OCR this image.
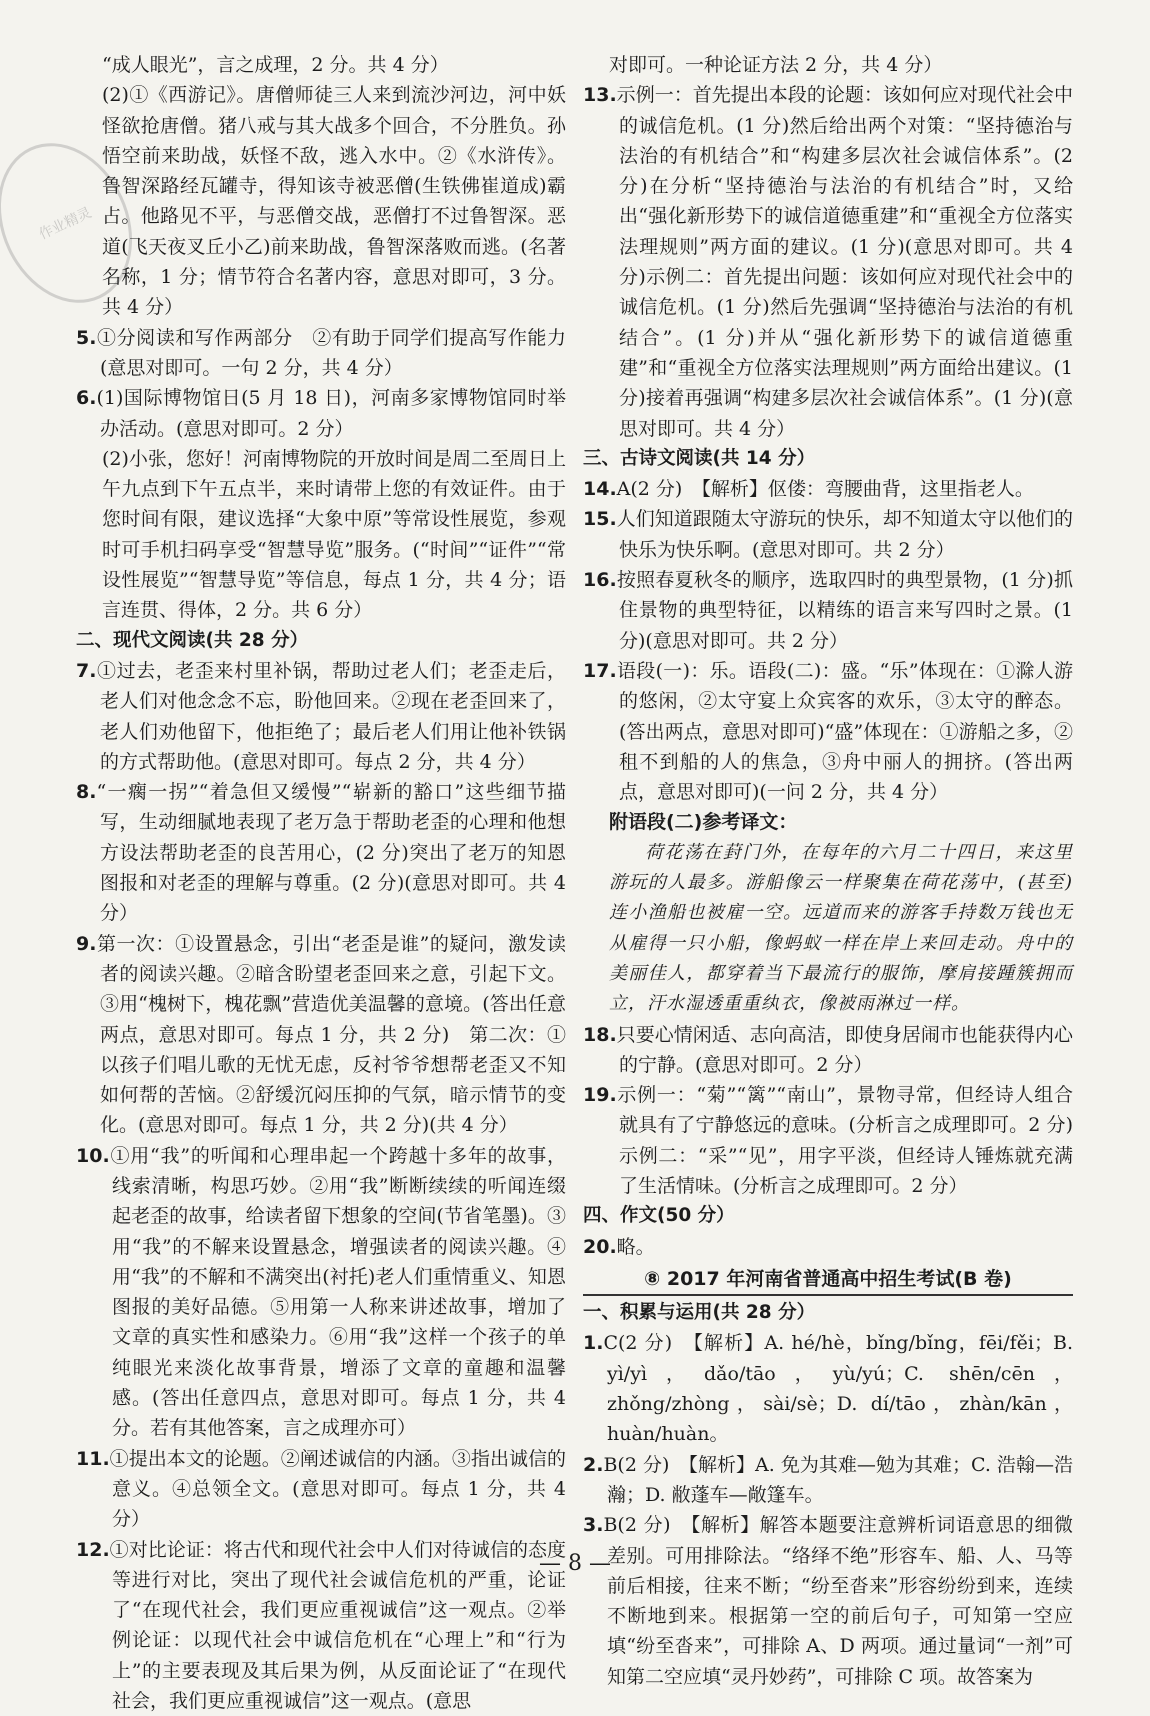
作业精灵

“成人眼光”，言之成理，2 分。共 4 分）

(2)①《西游记》。唐僧师徒三人来到流沙河边，河中妖怪欲抢唐僧。猪八戒与其大战多个回合，不分胜负。孙悟空前来助战，妖怪不敌，逃入水中。②《水浒传》。鲁智深路经瓦罐寺，得知该寺被恶僧(生铁佛崔道成)霸占。他路见不平，与恶僧交战，恶僧打不过鲁智深。恶道(飞天夜叉丘小乙)前来助战，鲁智深落败而逃。(名著名称，1 分；情节符合名著内容，意思对即可，3 分。共 4 分）

5.①分阅读和写作两部分　②有助于同学们提高写作能力(意思对即可。一句 2 分，共 4 分）

6.(1)国际博物馆日(5 月 18 日)，河南多家博物馆同时举办活动。(意思对即可。2 分）

(2)小张，您好！河南博物院的开放时间是周二至周日上午九点到下午五点半，来时请带上您的有效证件。由于您时间有限，建议选择“大象中原”等常设性展览，参观时可手机扫码享受“智慧导览”服务。(“时间”“证件”“常设性展览”“智慧导览”等信息，每点 1 分，共 4 分；语言连贯、得体，2 分。共 6 分）

二、现代文阅读(共 28 分）

7.①过去，老歪来村里补锅，帮助过老人们；老歪走后，老人们对他念念不忘，盼他回来。②现在老歪回来了，老人们劝他留下，他拒绝了；最后老人们用让他补铁锅的方式帮助他。(意思对即可。每点 2 分，共 4 分）

8.“一瘸一拐”“着急但又缓慢”“崭新的豁口”这些细节描写，生动细腻地表现了老万急于帮助老歪的心理和他想方设法帮助老歪的良苦用心，(2 分)突出了老万的知恩图报和对老歪的理解与尊重。(2 分)(意思对即可。共 4 分）

9.第一次：①设置悬念，引出“老歪是谁”的疑问，激发读者的阅读兴趣。②暗含盼望老歪回来之意，引起下文。③用“槐树下，槐花飘”营造优美温馨的意境。(答出任意两点，意思对即可。每点 1 分，共 2 分)　第二次：①以孩子们唱儿歌的无忧无虑，反衬爷爷想帮老歪又不知如何帮的苦恼。②舒缓沉闷压抑的气氛，暗示情节的变化。(意思对即可。每点 1 分，共 2 分)(共 4 分）

10.①用“我”的听闻和心理串起一个跨越十多年的故事，线索清晰，构思巧妙。②用“我”断断续续的听闻连缀起老歪的故事，给读者留下想象的空间(节省笔墨)。③用“我”的不解来设置悬念，增强读者的阅读兴趣。④用“我”的不解和不满突出(衬托)老人们重情重义、知恩图报的美好品德。⑤用第一人称来讲述故事，增加了文章的真实性和感染力。⑥用“我”这样一个孩子的单纯眼光来淡化故事背景，增添了文章的童趣和温馨感。(答出任意四点，意思对即可。每点 1 分，共 4 分。若有其他答案，言之成理亦可）

11.①提出本文的论题。②阐述诚信的内涵。③指出诚信的意义。④总领全文。(意思对即可。每点 1 分，共 4 分）

12.①对比论证：将古代和现代社会中人们对待诚信的态度等进行对比，突出了现代社会诚信危机的严重，论证了“在现代社会，我们更应重视诚信”这一观点。②举例论证：以现代社会中诚信危机在“心理上”和“行为上”的主要表现及其后果为例，从反面论证了“在现代社会，我们更应重视诚信”这一观点。(意思

对即可。一种论证方法 2 分，共 4 分）

13.示例一：首先提出本段的论题：该如何应对现代社会中的诚信危机。(1 分)然后给出两个对策：“坚持德治与法治的有机结合”和“构建多层次社会诚信体系”。(2 分)在分析“坚持德治与法治的有机结合”时，又给出“强化新形势下的诚信道德重建”和“重视全方位落实法理规则”两方面的建议。(1 分)(意思对即可。共 4 分)示例二：首先提出问题：该如何应对现代社会中的诚信危机。(1 分)然后先强调“坚持德治与法治的有机结合”。(1 分)并从“强化新形势下的诚信道德重建”和“重视全方位落实法理规则”两方面给出建议。(1 分)接着再强调“构建多层次社会诚信体系”。(1 分)(意思对即可。共 4 分）

三、古诗文阅读(共 14 分）

14.A(2 分)　【解析】伛偻：弯腰曲背，这里指老人。

15.人们知道跟随太守游玩的快乐，却不知道太守以他们的快乐为快乐啊。(意思对即可。共 2 分）

16.按照春夏秋冬的顺序，选取四时的典型景物，(1 分)抓住景物的典型特征，以精练的语言来写四时之景。(1 分)(意思对即可。共 2 分）

17.语段(一)：乐。语段(二)：盛。“乐”体现在：①滁人游的悠闲，②太守宴上众宾客的欢乐，③太守的醉态。(答出两点，意思对即可)“盛”体现在：①游船之多，②租不到船的人的焦急，③舟中丽人的拥挤。(答出两点，意思对即可)(一问 2 分，共 4 分）

附语段(二)参考译文：

荷花荡在葑门外，在每年的六月二十四日，来这里游玩的人最多。游船像云一样聚集在荷花荡中，(甚至)连小渔船也被雇一空。远道而来的游客手持数万钱也无从雇得一只小船，像蚂蚁一样在岸上来回走动。舟中的美丽佳人，都穿着当下最流行的服饰，摩肩接踵簇拥而立，汗水湿透重重纨衣，像被雨淋过一样。

18.只要心情闲适、志向高洁，即使身居闹市也能获得内心的宁静。(意思对即可。2 分）

19.示例一：“菊”“篱”“南山”，景物寻常，但经诗人组合就具有了宁静悠远的意味。(分析言之成理即可。2 分)示例二：“采”“见”，用字平淡，但经诗人锤炼就充满了生活情味。(分析言之成理即可。2 分）

四、作文(50 分）

20.略。

⑧ 2017 年河南省普通高中招生考试(B 卷)

一、积累与运用(共 28 分）

1.C(2 分)　【解析】A. hé/hè，bǐng/bǐng，fēi/fěi；B. yì/yì，dǎo/tāo，yù/yú；C. shēn/cēn，zhǒng/zhòng，sài/sè；D. dí/tāo，zhàn/kān，huàn/huàn。

2.B(2 分)　【解析】A. 免为其难—勉为其难；C. 浩翰—浩瀚；D. 敝蓬车—敞篷车。

3.B(2 分)　【解析】解答本题要注意辨析词语意思的细微差别。可用排除法。“络绎不绝”形容车、船、人、马等前后相接，往来不断；“纷至沓来”形容纷纷到来，连续不断地到来。根据第一空的前后句子，可知第一空应填“纷至沓来”，可排除 A、D 两项。通过量词“一剂”可知第二空应填“灵丹妙药”，可排除 C 项。故答案为

— 8 —
